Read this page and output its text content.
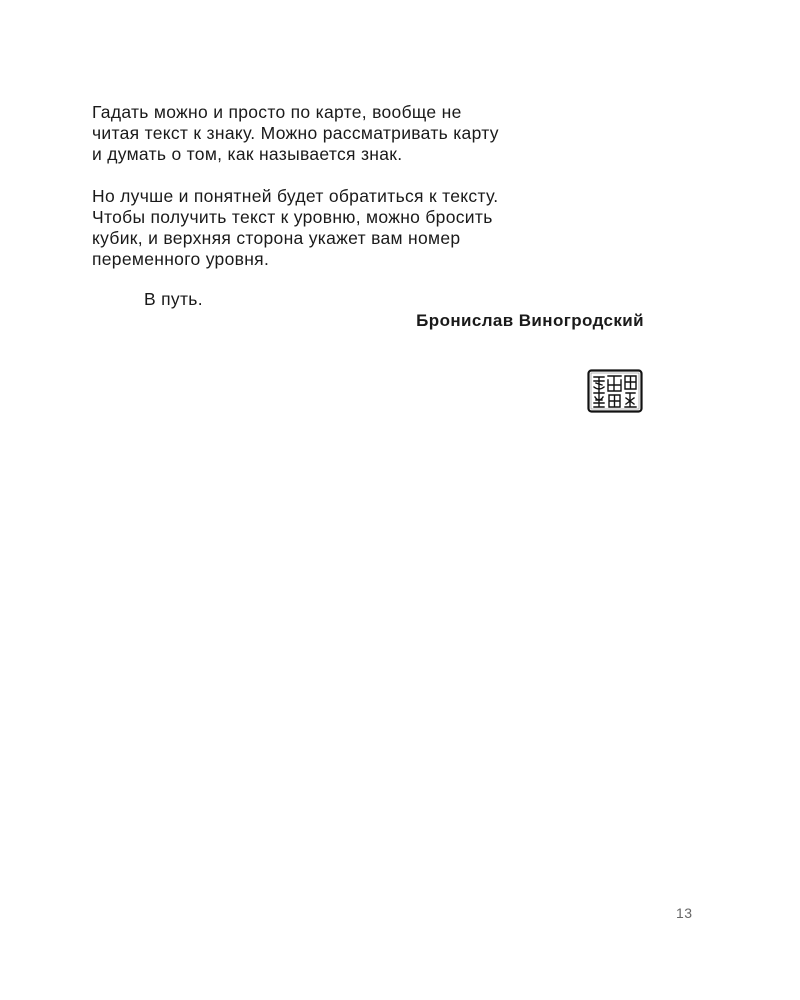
Гадать можно и просто по карте, вообще не
читая текст к знаку. Можно рассматривать карту
и думать о том, как называется знак.
Но лучше и понятней будет обратиться к тексту.
Чтобы получить текст к уровню, можно бросить
кубик, и верхняя сторона укажет вам номер
переменного уровня.
В путь.
Бронислав Виногродский
13
